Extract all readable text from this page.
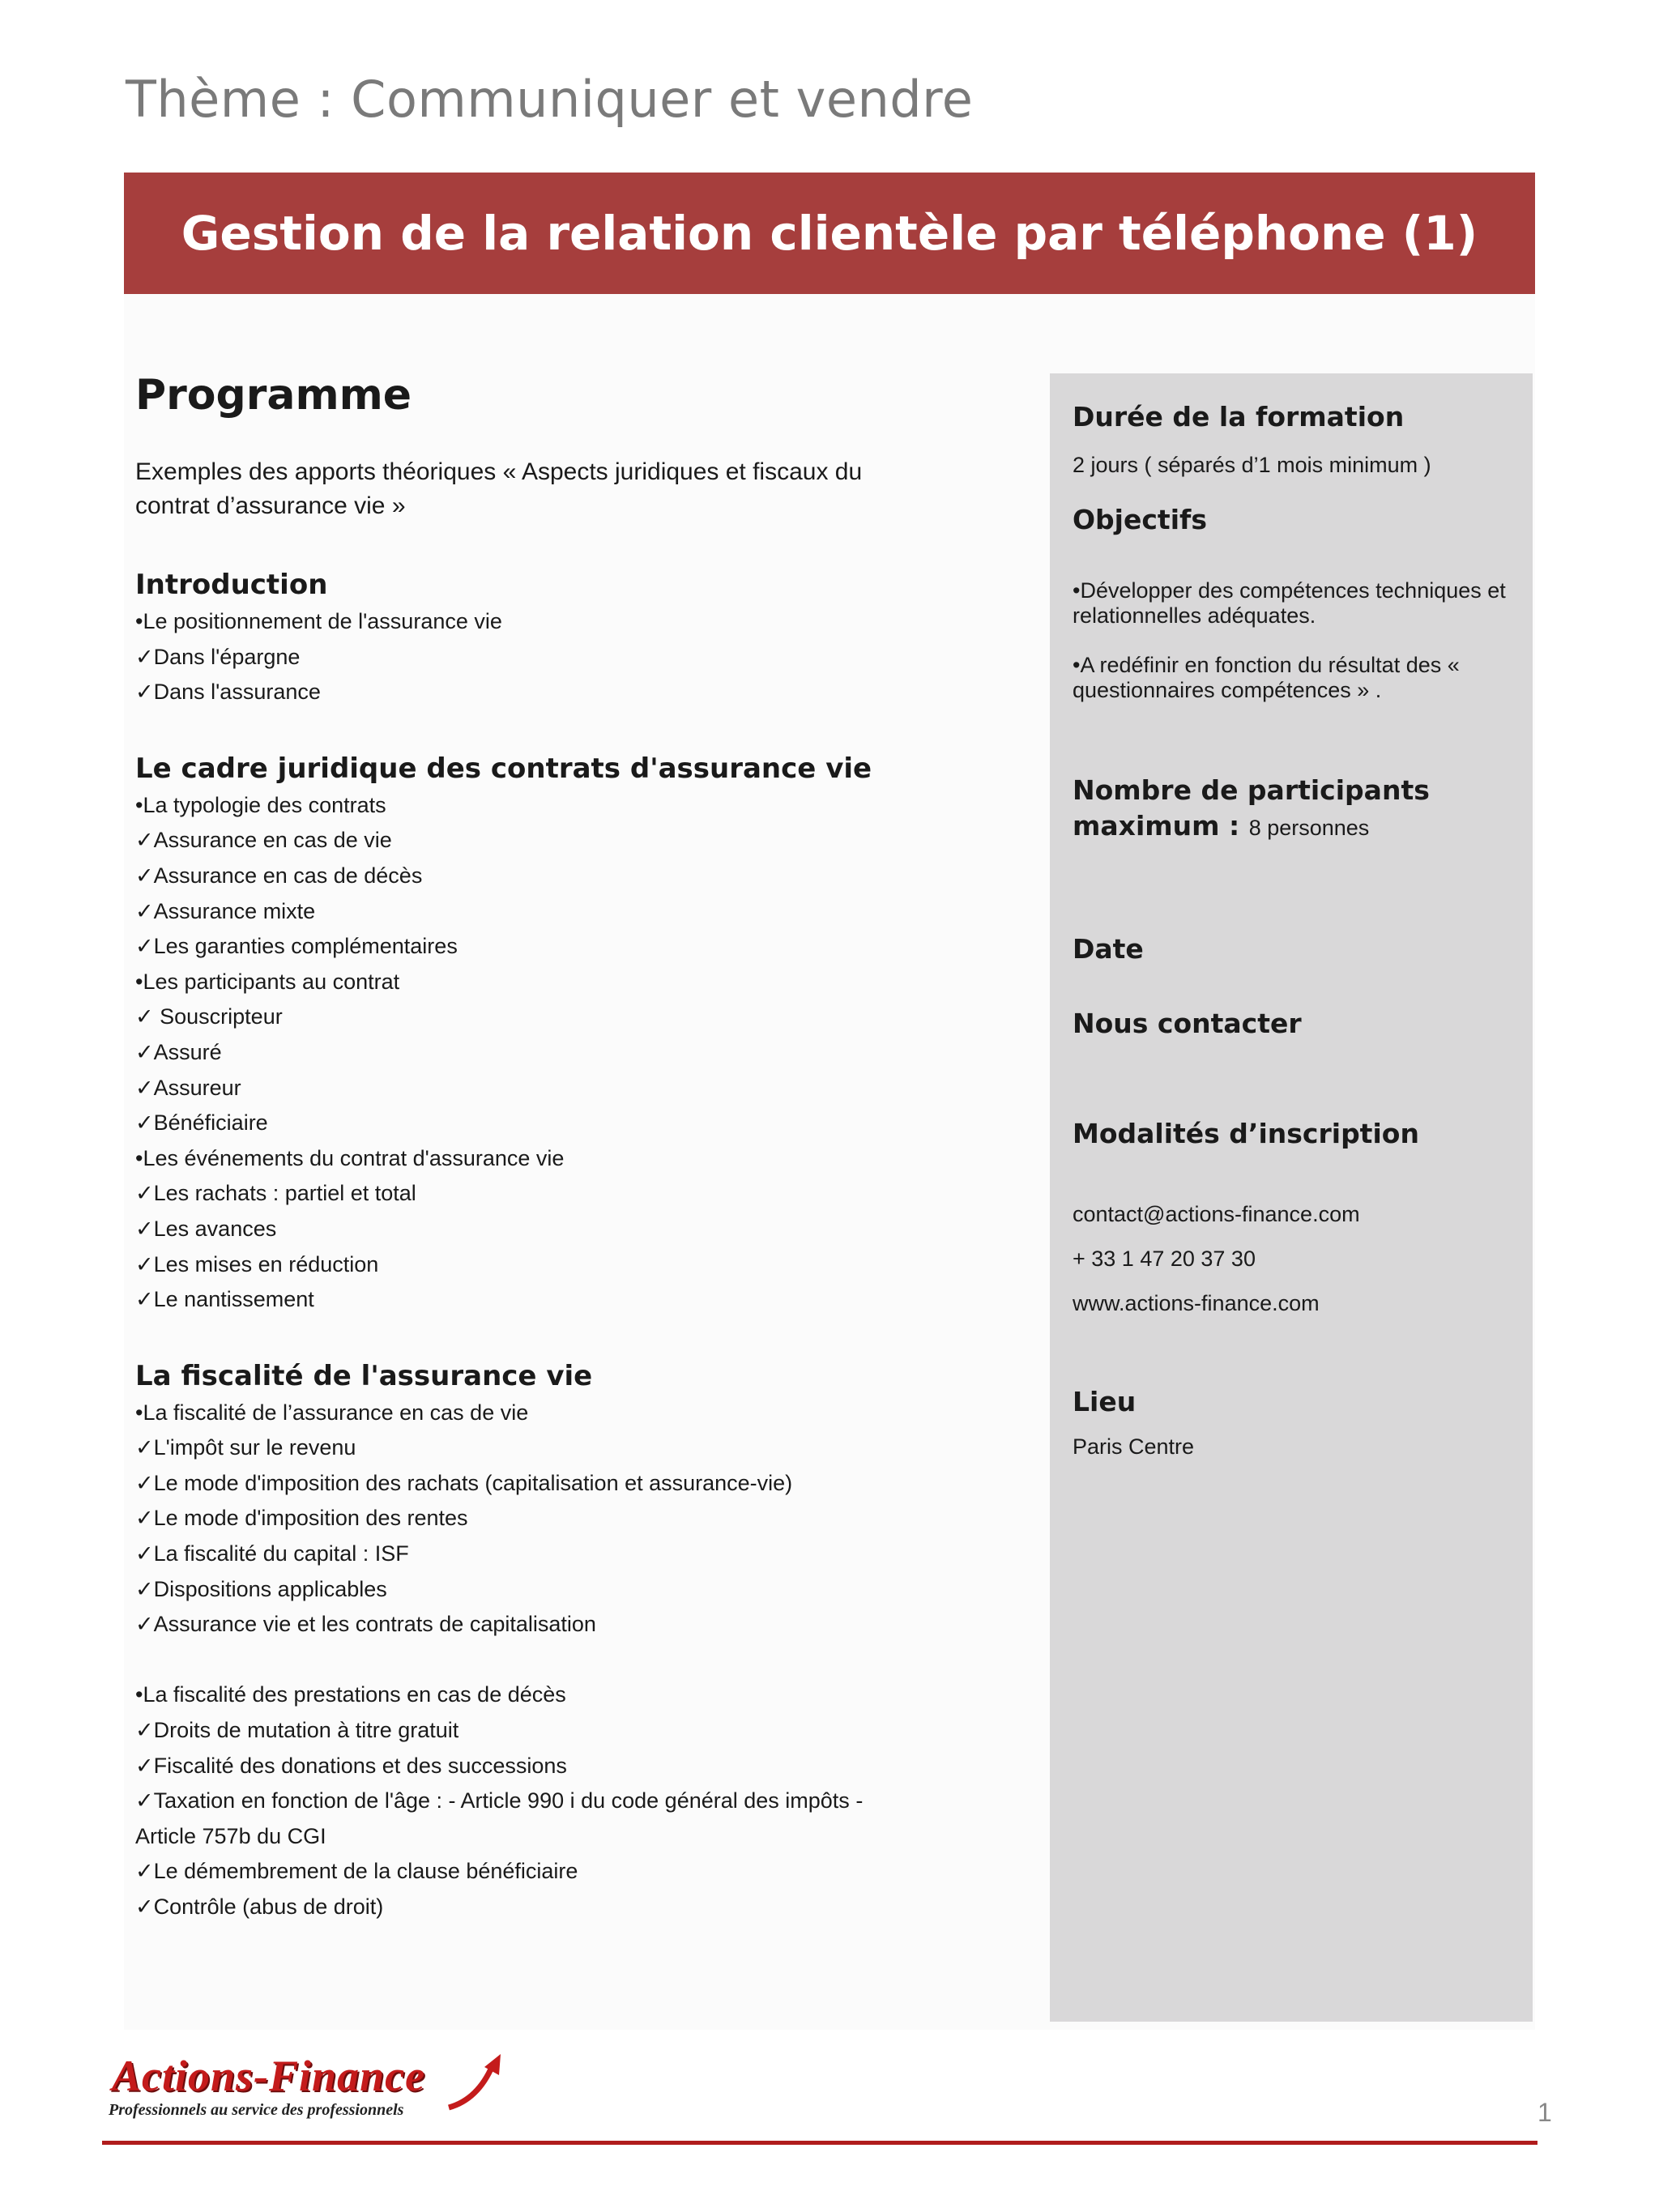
Thème : Communiquer et vendre
Gestion de la relation clientèle par téléphone (1)
Programme
Exemples des apports théoriques « Aspects juridiques et fiscaux du contrat d’assurance vie »
Introduction
•Le positionnement de l'assurance vie
✓Dans l'épargne
✓Dans l'assurance
Le cadre juridique des contrats d'assurance vie
•La typologie des contrats
✓Assurance en cas de vie
✓Assurance en cas de décès
✓Assurance mixte
✓Les garanties complémentaires
•Les participants au contrat
✓ Souscripteur
✓Assuré
✓Assureur
✓Bénéficiaire
•Les événements du contrat d'assurance vie
✓Les rachats : partiel et total
✓Les avances
✓Les mises en réduction
✓Le nantissement
La fiscalité de l'assurance vie
•La fiscalité de l’assurance en cas de vie
✓L'impôt sur le revenu
✓Le mode d'imposition des rachats (capitalisation et assurance-vie)
✓Le mode d'imposition des rentes
✓La fiscalité du capital : ISF
✓Dispositions applicables
✓Assurance vie et les contrats de capitalisation
•La fiscalité des prestations en cas de décès
✓Droits de mutation à titre gratuit
✓Fiscalité des donations et des successions
✓Taxation en fonction de l'âge : - Article 990 i du code général des impôts - Article 757b du CGI
✓Le démembrement de la clause bénéficiaire
✓Contrôle (abus de droit)
Durée de la formation
2 jours ( séparés d’1 mois minimum )
Objectifs
•Développer des compétences techniques et relationnelles adéquates.
•A redéfinir en fonction du résultat des « questionnaires compétences » .
Nombre de participants maximum : 8 personnes
Date
Nous contacter
Modalités d’inscription
contact@actions-finance.com
+ 33 1 47 20 37 30
www.actions-finance.com
Lieu
Paris Centre
Actions-Finance
Professionnels au service des professionnels	1
